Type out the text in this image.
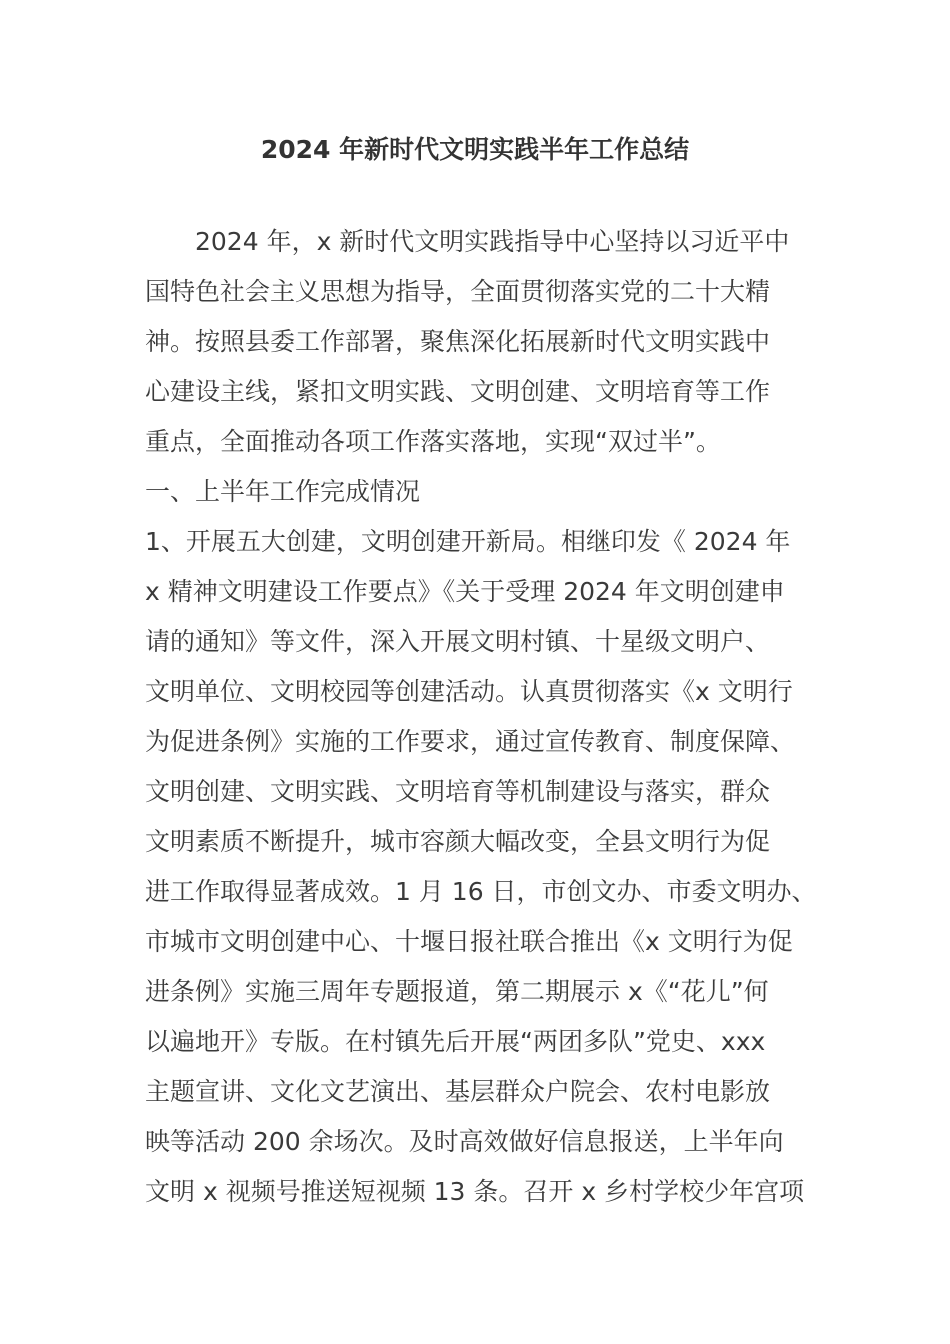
2024 年新时代文明实践半年工作总结
2024 年，x 新时代文明实践指导中心坚持以习近平中
国特色社会主义思想为指导，全面贯彻落实党的二十大精
神。按照县委工作部署，聚焦深化拓展新时代文明实践中
心建设主线，紧扣文明实践、文明创建、文明培育等工作
重点，全面推动各项工作落实落地，实现“双过半”。
一、上半年工作完成情况
1、开展五大创建，文明创建开新局。相继印发《 2024 年
x 精神文明建设工作要点》《关于受理 2024 年文明创建申
请的通知》等文件，深入开展文明村镇、十星级文明户、
文明单位、文明校园等创建活动。认真贯彻落实《x 文明行
为促进条例》实施的工作要求，通过宣传教育、制度保障、
文明创建、文明实践、文明培育等机制建设与落实，群众
文明素质不断提升，城市容颜大幅改变，全县文明行为促
进工作取得显著成效。1 月 16 日，市创文办、市委文明办、
市城市文明创建中心、十堰日报社联合推出《x 文明行为促
进条例》实施三周年专题报道，第二期展示 x《“花儿”何
以遍地开》专版。在村镇先后开展“两团多队”党史、xxx
主题宣讲、文化文艺演出、基层群众户院会、农村电影放
映等活动 200 余场次。及时高效做好信息报送，上半年向
文明 x 视频号推送短视频 13 条。召开 x 乡村学校少年宫项
